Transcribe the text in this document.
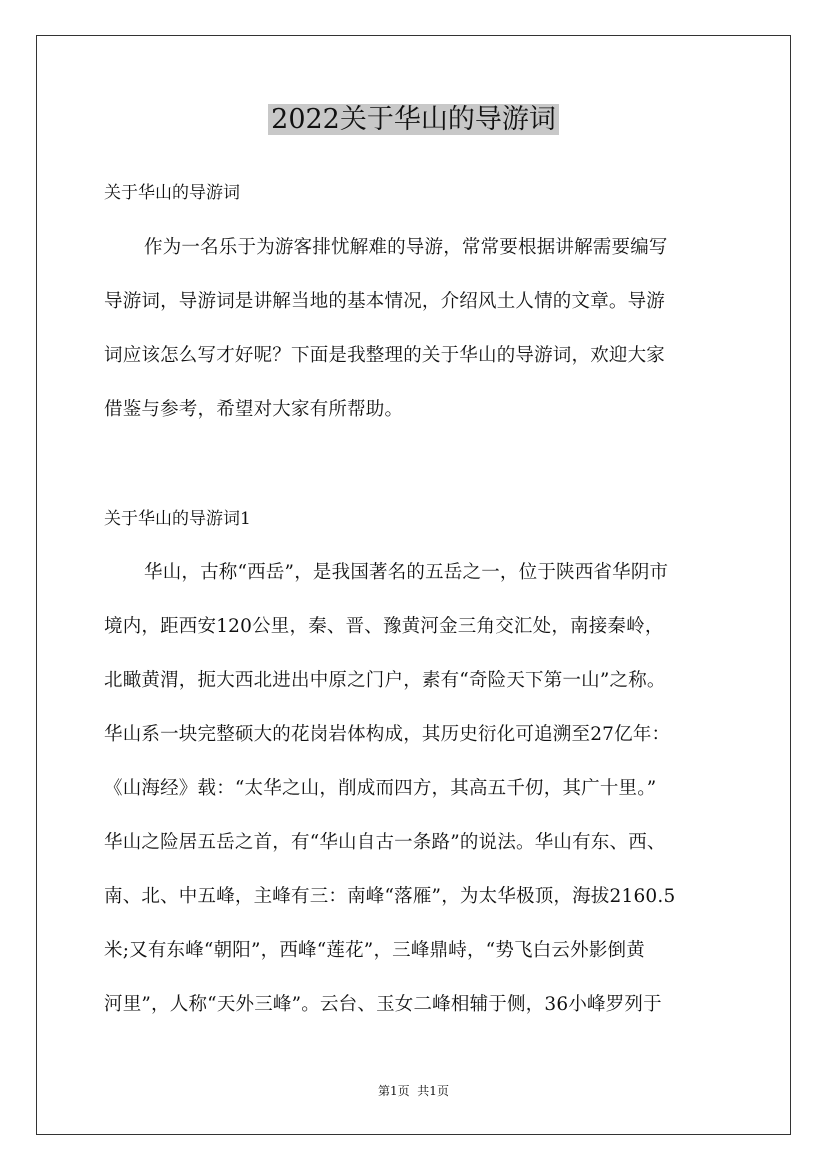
2022关于华山的导游词
关于华山的导游词

作为一名乐于为游客排忧解难的导游，常常要根据讲解需要编写

导游词，导游词是讲解当地的基本情况，介绍风土人情的文章。导游

词应该怎么写才好呢？下面是我整理的关于华山的导游词，欢迎大家

借鉴与参考，希望对大家有所帮助。

关于华山的导游词1

华山，古称“西岳”，是我国著名的五岳之一，位于陕西省华阴市

境内，距西安120公里，秦、晋、豫黄河金三角交汇处，南接秦岭，

北瞰黄渭，扼大西北进出中原之门户，素有“奇险天下第一山”之称。

华山系一块完整硕大的花岗岩体构成，其历史衍化可追溯至27亿年：

《山海经》载：“太华之山，削成而四方，其高五千仞，其广十里。”

华山之险居五岳之首，有“华山自古一条路”的说法。华山有东、西、

南、北、中五峰，主峰有三：南峰“落雁”，为太华极顶，海拔2160.5

米;又有东峰“朝阳”，西峰“莲花”，三峰鼎峙，“势飞白云外影倒黄

河里”，人称“天外三峰”。云台、玉女二峰相辅于侧，36小峰罗列于

第1页  共1页
